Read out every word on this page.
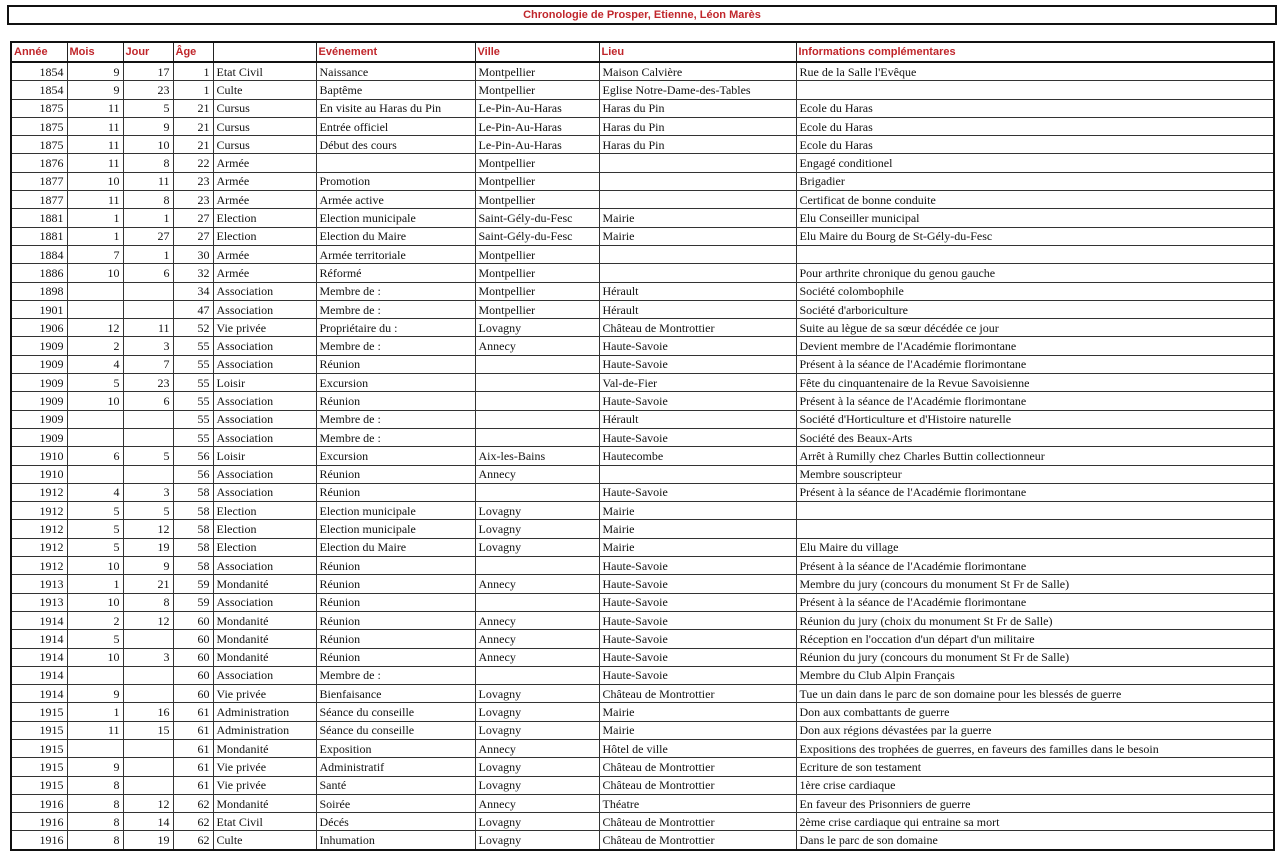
Chronologie de Prosper, Etienne, Léon Marès
Année	Mois	Jour	Âge		Evénement	Ville	Lieu	Informations complémentares
1854	9	17	1	Etat Civil	Naissance	Montpellier	Maison Calvière	Rue de la Salle l'Evêque
1854	9	23	1	Culte	Baptême	Montpellier	Eglise Notre-Dame-des-Tables	
1875	11	5	21	Cursus	En visite au Haras du Pin	Le-Pin-Au-Haras	Haras du Pin	Ecole du Haras
1875	11	9	21	Cursus	Entrée officiel	Le-Pin-Au-Haras	Haras du Pin	Ecole du Haras
1875	11	10	21	Cursus	Début des cours	Le-Pin-Au-Haras	Haras du Pin	Ecole du Haras
1876	11	8	22	Armée		Montpellier		Engagé conditionel
1877	10	11	23	Armée	Promotion	Montpellier		Brigadier
1877	11	8	23	Armée	Armée active	Montpellier		Certificat de bonne conduite
1881	1	1	27	Election	Election municipale	Saint-Gély-du-Fesc	Mairie	Elu Conseiller municipal
1881	1	27	27	Election	Election du Maire	Saint-Gély-du-Fesc	Mairie	Elu Maire du Bourg de St-Gély-du-Fesc
1884	7	1	30	Armée	Armée territoriale	Montpellier		
1886	10	6	32	Armée	Réformé	Montpellier		Pour arthrite chronique du genou gauche
1898			34	Association	Membre de :	Montpellier	Hérault	Société colombophile
1901			47	Association	Membre de :	Montpellier	Hérault	Société d'arboriculture
1906	12	11	52	Vie privée	Propriétaire du :	Lovagny	Château de Montrottier	Suite au lègue de sa sœur décédée ce jour
1909	2	3	55	Association	Membre de :	Annecy	Haute-Savoie	Devient membre de l'Académie florimontane
1909	4	7	55	Association	Réunion		Haute-Savoie	Présent à la séance de l'Académie florimontane
1909	5	23	55	Loisir	Excursion		Val-de-Fier	Fête du cinquantenaire de la Revue Savoisienne
1909	10	6	55	Association	Réunion		Haute-Savoie	Présent à la séance de l'Académie florimontane
1909			55	Association	Membre de :		Hérault	Société d'Horticulture et d'Histoire naturelle
1909			55	Association	Membre de :		Haute-Savoie	Société des Beaux-Arts
1910	6	5	56	Loisir	Excursion	Aix-les-Bains	Hautecombe	Arrêt à Rumilly chez Charles Buttin collectionneur
1910			56	Association	Réunion	Annecy		Membre souscripteur
1912	4	3	58	Association	Réunion		Haute-Savoie	Présent à la séance de l'Académie florimontane
1912	5	5	58	Election	Election municipale	Lovagny	Mairie	
1912	5	12	58	Election	Election municipale	Lovagny	Mairie	
1912	5	19	58	Election	Election du Maire	Lovagny	Mairie	Elu Maire du village
1912	10	9	58	Association	Réunion		Haute-Savoie	Présent à la séance de l'Académie florimontane
1913	1	21	59	Mondanité	Réunion	Annecy	Haute-Savoie	Membre du jury (concours du monument St Fr de Salle)
1913	10	8	59	Association	Réunion		Haute-Savoie	Présent à la séance de l'Académie florimontane
1914	2	12	60	Mondanité	Réunion	Annecy	Haute-Savoie	Réunion du jury (choix du monument St Fr de Salle)
1914	5		60	Mondanité	Réunion	Annecy	Haute-Savoie	Réception en l'occation d'un départ d'un militaire
1914	10	3	60	Mondanité	Réunion	Annecy	Haute-Savoie	Réunion du jury (concours du monument St Fr de Salle)
1914			60	Association	Membre de :		Haute-Savoie	Membre du Club Alpin Français
1914	9		60	Vie privée	Bienfaisance	Lovagny	Château de Montrottier	Tue un dain dans le parc de son domaine pour les blessés de guerre
1915	1	16	61	Administration	Séance du conseille	Lovagny	Mairie	Don aux combattants de guerre
1915	11	15	61	Administration	Séance du conseille	Lovagny	Mairie	Don aux régions dévastées par la guerre
1915			61	Mondanité	Exposition	Annecy	Hôtel de ville	Expositions des trophées de guerres, en faveurs des familles dans le besoin
1915	9		61	Vie privée	Administratif	Lovagny	Château de Montrottier	Ecriture de son testament
1915	8		61	Vie privée	Santé	Lovagny	Château de Montrottier	1ère crise cardiaque
1916	8	12	62	Mondanité	Soirée	Annecy	Théatre	En faveur des Prisonniers de guerre
1916	8	14	62	Etat Civil	Décés	Lovagny	Château de Montrottier	2ème crise cardiaque qui entraine sa mort
1916	8	19	62	Culte	Inhumation	Lovagny	Château de Montrottier	Dans le parc de son domaine
